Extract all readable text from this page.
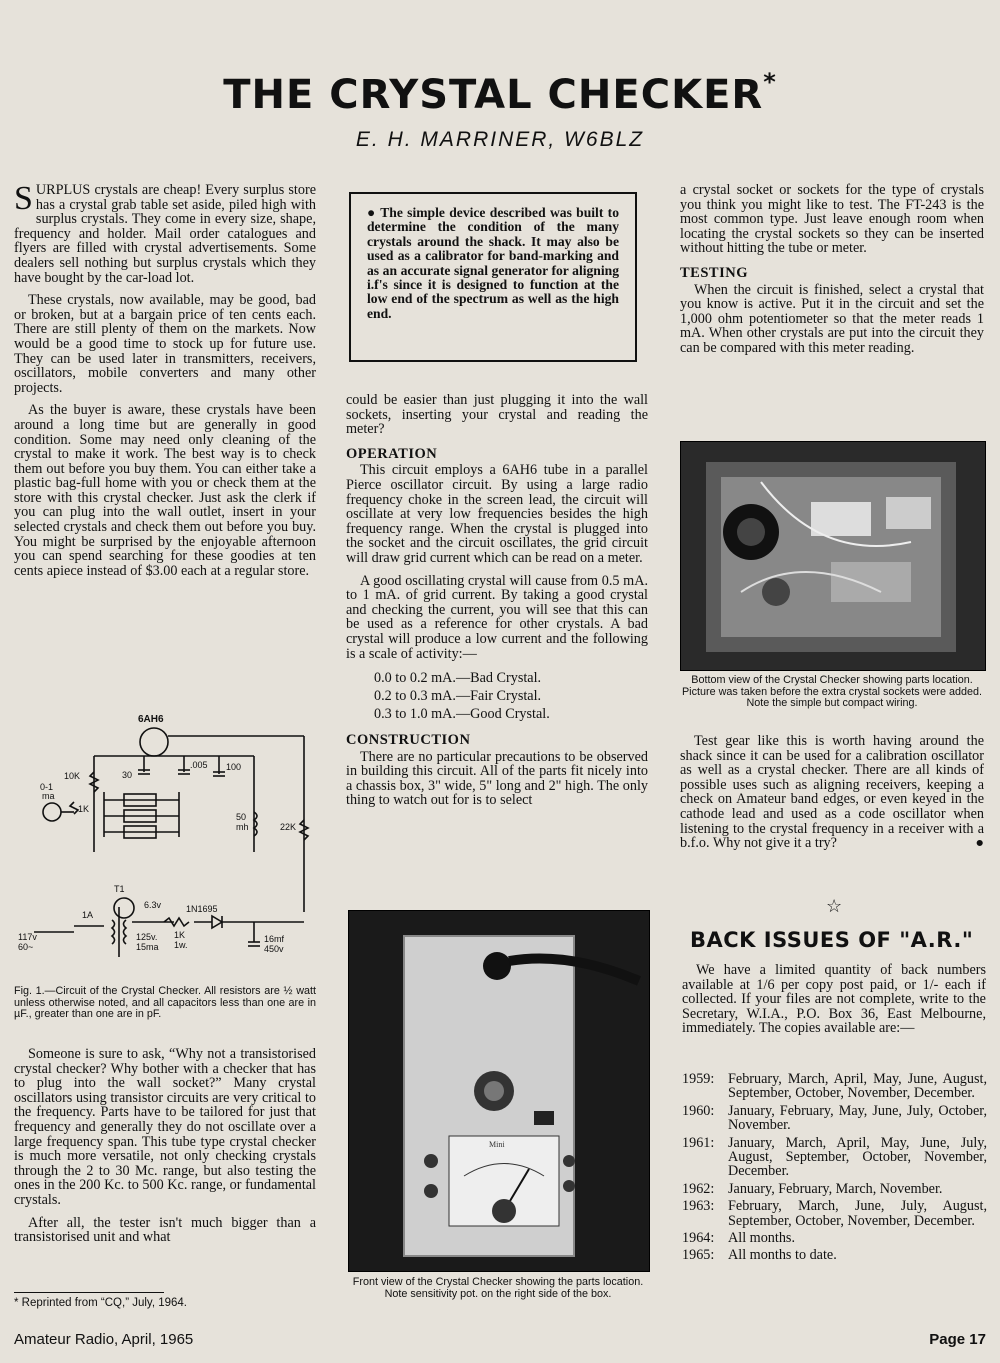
THE CRYSTAL CHECKER*
E. H. MARRINER, W6BLZ

SURPLUS crystals are cheap! Every surplus store has a crystal grab table set aside, piled high with surplus crystals. They come in every size, shape, frequency and holder. Mail order catalogues and flyers are filled with crystal advertisements. Some dealers sell nothing but surplus crystals which they have bought by the car-load lot.

These crystals, now available, may be good, bad or broken, but at a bargain price of ten cents each. There are still plenty of them on the markets. Now would be a good time to stock up for future use. They can be used later in transmitters, receivers, oscillators, mobile converters and many other projects.

As the buyer is aware, these crystals have been around a long time but are generally in good condition. Some may need only cleaning of the crystal to make it work. The best way is to check them out before you buy them. You can either take a plastic bag-full home with you or check them at the store with this crystal checker. Just ask the clerk if you can plug into the wall outlet, insert in your selected crystals and check them out before you buy. You might be surprised by the enjoyable afternoon you can spend searching for these goodies at ten cents apiece instead of $3.00 each at a regular store.

6AH6
10K
0-1
ma
1K
30
.005 100
50
mh	22K
T1
1A
117v
60~
6.3v
125v.
15ma
1N1695
1K
1w.
16mf
450v
Fig. 1.—Circuit of the Crystal Checker. All resistors are ½ watt unless otherwise noted, and all capacitors less than one are in µF., greater than one are in pF.

Someone is sure to ask, “Why not a transistorised crystal checker? Why bother with a checker that has to plug into the wall socket?” Many crystal oscillators using transistor circuits are very critical to the frequency. Parts have to be tailored for just that frequency and generally they do not oscillate over a large frequency span. This tube type crystal checker is much more versatile, not only checking crystals through the 2 to 30 Mc. range, but also testing the ones in the 200 Kc. to 500 Kc. range, or fundamental crystals.

After all, the tester isn't much bigger than a transistorised unit and what

* Reprinted from “CQ,” July, 1964.
● The simple device described was built to determine the condition of the many crystals around the shack. It may also be used as a calibrator for band-marking and as an accurate signal generator for aligning i.f's since it is designed to function at the low end of the spectrum as well as the high end.

could be easier than just plugging it into the wall sockets, inserting your crystal and reading the meter?

OPERATION

This circuit employs a 6AH6 tube in a parallel Pierce oscillator circuit. By using a large radio frequency choke in the screen lead, the circuit will oscillate at very low frequencies besides the high frequency range. When the crystal is plugged into the socket and the circuit oscillates, the grid circuit will draw grid current which can be read on a meter.

A good oscillating crystal will cause from 0.5 mA. to 1 mA. of grid current. By taking a good crystal and checking the current, you will see that this can be used as a reference for other crystals. A bad crystal will produce a low current and the following is a scale of activity:—

0.0 to 0.2 mA.—Bad Crystal.
0.2 to 0.3 mA.—Fair Crystal.
0.3 to 1.0 mA.—Good Crystal.
CONSTRUCTION

There are no particular precautions to be observed in building this circuit. All of the parts fit nicely into a chassis box, 3" wide, 5" long and 2" high. The only thing to watch out for is to select

Mini
Front view of the Crystal Checker showing the parts location. Note sensitivity pot. on the right side of the box.

a crystal socket or sockets for the type of crystals you think you might like to test. The FT-243 is the most common type. Just leave enough room when locating the crystal sockets so they can be inserted without hitting the tube or meter.

TESTING

When the circuit is finished, select a crystal that you know is active. Put it in the circuit and set the 1,000 ohm potentiometer so that the meter reads 1 mA. When other crystals are put into the circuit they can be compared with this meter reading.

Bottom view of the Crystal Checker showing parts location. Picture was taken before the extra crystal sockets were added. Note the simple but compact wiring.

Test gear like this is worth having around the shack since it can be used for a calibration oscillator as well as a crystal checker. There are all kinds of possible uses such as aligning receivers, keeping a check on Amateur band edges, or even keyed in the cathode lead and used as a code oscillator when listening to the crystal frequency in a receiver with a b.f.o. Why not give it a try?	●

☆
BACK ISSUES OF "A.R."

We have a limited quantity of back numbers available at 1/6 per copy post paid, or 1/- each if collected. If your files are not complete, write to the Secretary, W.I.A., P.O. Box 36, East Melbourne, immediately. The copies available are:—

1959: February, March, April, May, June, August, September, October, November, December.
1960: January, February, May, June, July, October, November.
1961: January, March, April, May, June, July, August, September, October, November, December.
1962: January, February, March, November.
1963: February, March, June, July, August, September, October, November, December.
1964: All months.
1965: All months to date.
Amateur Radio, April, 1965	Page 17
